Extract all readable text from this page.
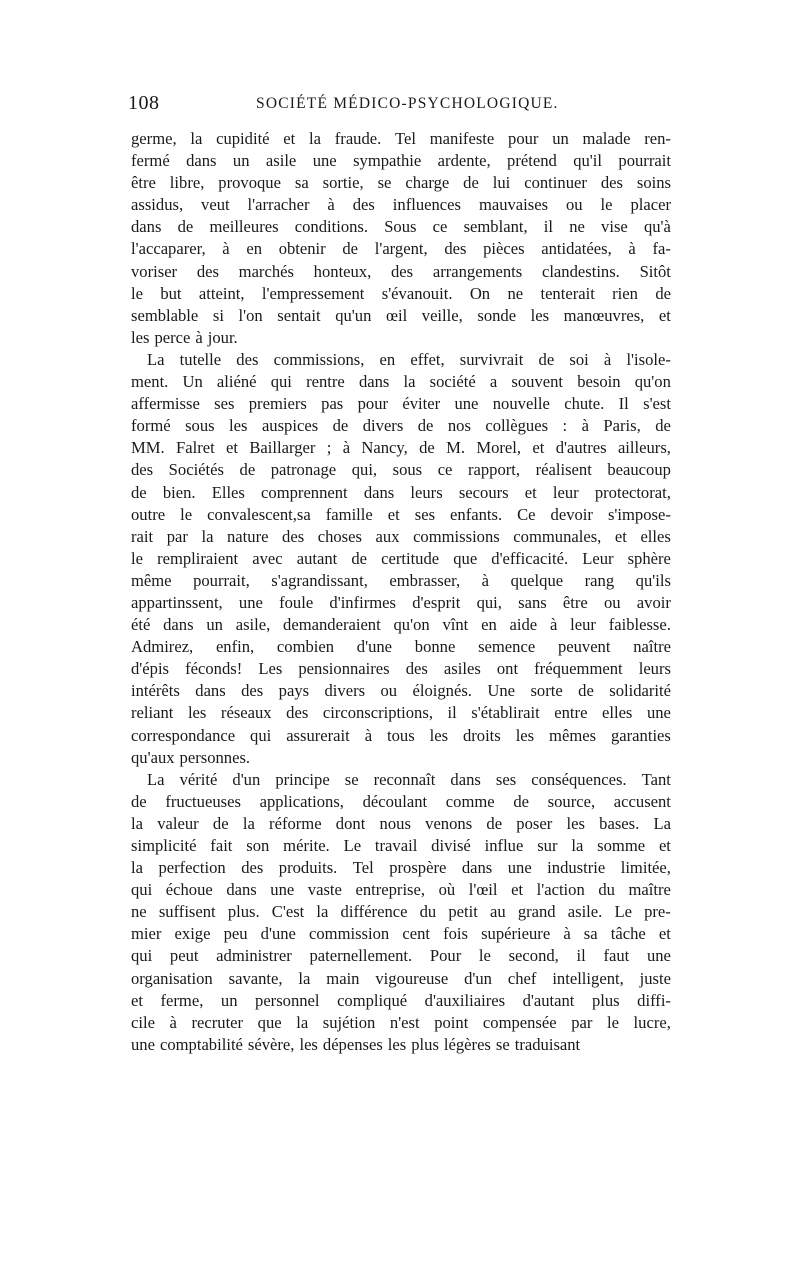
108	SOCIÉTÉ MÉDICO-PSYCHOLOGIQUE.
germe, la cupidité et la fraude. Tel manifeste pour un malade ren-
fermé dans un asile une sympathie ardente, prétend qu'il pourrait
être libre, provoque sa sortie, se charge de lui continuer des soins
assidus, veut l'arracher à des influences mauvaises ou le placer
dans de meilleures conditions. Sous ce semblant, il ne vise qu'à
l'accaparer, à en obtenir de l'argent, des pièces antidatées, à fa-
voriser des marchés honteux, des arrangements clandestins. Sitôt
le but atteint, l'empressement s'évanouit. On ne tenterait rien de
semblable si l'on sentait qu'un œil veille, sonde les manœuvres, et
les perce à jour.
La tutelle des commissions, en effet, survivrait de soi à l'isole-
ment. Un aliéné qui rentre dans la société a souvent besoin qu'on
affermisse ses premiers pas pour éviter une nouvelle chute. Il s'est
formé sous les auspices de divers de nos collègues : à Paris, de
MM. Falret et Baillarger ; à Nancy, de M. Morel, et d'autres ailleurs,
des Sociétés de patronage qui, sous ce rapport, réalisent beaucoup
de bien. Elles comprennent dans leurs secours et leur protectorat,
outre le convalescent,sa famille et ses enfants. Ce devoir s'impose-
rait par la nature des choses aux commissions communales, et elles
le rempliraient avec autant de certitude que d'efficacité. Leur sphère
même pourrait, s'agrandissant, embrasser, à quelque rang qu'ils
appartinssent, une foule d'infirmes d'esprit qui, sans être ou avoir
été dans un asile, demanderaient qu'on vînt en aide à leur faiblesse.
Admirez, enfin, combien d'une bonne semence peuvent naître
d'épis féconds! Les pensionnaires des asiles ont fréquemment leurs
intérêts dans des pays divers ou éloignés. Une sorte de solidarité
reliant les réseaux des circonscriptions, il s'établirait entre elles une
correspondance qui assurerait à tous les droits les mêmes garanties
qu'aux personnes.
La vérité d'un principe se reconnaît dans ses conséquences. Tant
de fructueuses applications, découlant comme de source, accusent
la valeur de la réforme dont nous venons de poser les bases. La
simplicité fait son mérite. Le travail divisé influe sur la somme et
la perfection des produits. Tel prospère dans une industrie limitée,
qui échoue dans une vaste entreprise, où l'œil et l'action du maître
ne suffisent plus. C'est la différence du petit au grand asile. Le pre-
mier exige peu d'une commission cent fois supérieure à sa tâche et
qui peut administrer paternellement. Pour le second, il faut une
organisation savante, la main vigoureuse d'un chef intelligent, juste
et ferme, un personnel compliqué d'auxiliaires d'autant plus diffi-
cile à recruter que la sujétion n'est point compensée par le lucre,
une comptabilité sévère, les dépenses les plus légères se traduisant
